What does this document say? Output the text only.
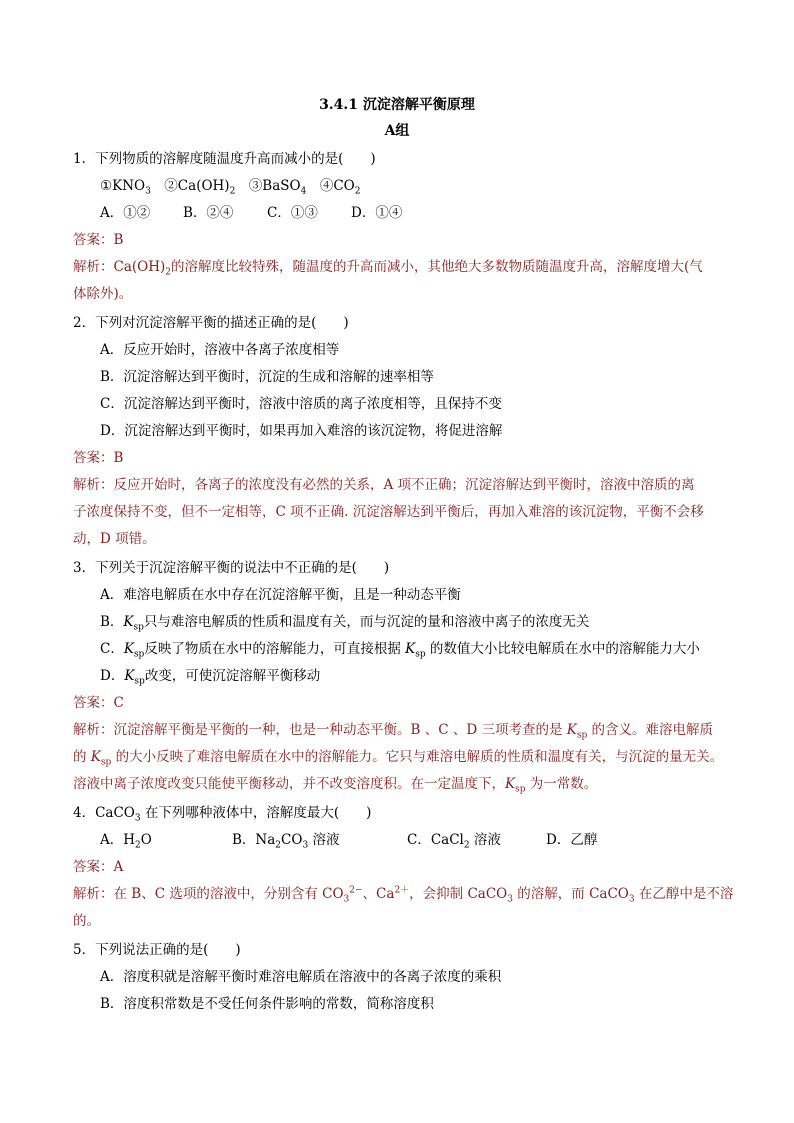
3.4.1 沉淀溶解平衡原理
A组
1．下列物质的溶解度随温度升高而减小的是(　　)
$①KNO_3$　$②Ca(OH)_2$　③BaSO$_4$　$④CO_2$
A．①② B．②④ C．①③ D．①④
答案：B
解析：$Ca(OH)_2$的溶解度比较特殊，随温度的升高而减小，其他绝大多数物质随温度升高，溶解度增大(气
体除外)。
2．下列对沉淀溶解平衡的描述正确的是(　　)
A．反应开始时，溶液中各离子浓度相等
B．沉淀溶解达到平衡时，沉淀的生成和溶解的速率相等
C．沉淀溶解达到平衡时，溶液中溶质的离子浓度相等，且保持不变
D．沉淀溶解达到平衡时，如果再加入难溶的该沉淀物，将促进溶解
答案：B
解析：反应开始时，各离子的浓度没有必然的关系，A 项不正确；沉淀溶解达到平衡时，溶液中溶质的离
子浓度保持不变，但不一定相等，C 项不正确. 沉淀溶解达到平衡后，再加入难溶的该沉淀物，平衡不会移
动，D 项错。
3．下列关于沉淀溶解平衡的说法中不正确的是(　　)
A．难溶电解质在水中存在沉淀溶解平衡，且是一种动态平衡
B．$K_{sp}$只与难溶电解质的性质和温度有关，而与沉淀的量和溶液中离子的浓度无关
C．$K_{sp}$反映了物质在水中的溶解能力，可直接根据 $K_{sp}$ 的数值大小比较电解质在水中的溶解能力大小
D．$K_{sp}$改变，可使沉淀溶解平衡移动
答案：C
解析：沉淀溶解平衡是平衡的一种，也是一种动态平衡。B 、C 、D 三项考查的是 $K_{sp}$ 的含义。难溶电解质
的 $K_{sp}$ 的大小反映了难溶电解质在水中的溶解能力。它只与难溶电解质的性质和温度有关，与沉淀的量无关。
溶液中离子浓度改变只能使平衡移动，并不改变溶度积。在一定温度下，$K_{sp}$ 为一常数。
4．CaCO$_3$ 在下列哪种液体中，溶解度最大(　　)
A．$H_2O$	B．$Na_2CO_3$ 溶液	C．CaCl$_2$ 溶液	D．乙醇
答案：A
解析：在 B、C 选项的溶液中，分别含有 $CO_3^{2-}$、$Ca^{2+}$，会抑制 CaCO$_3$ 的溶解，而 CaCO$_3$ 在乙醇中是不溶
的。
5．下列说法正确的是(　　)
A．溶度积就是溶解平衡时难溶电解质在溶液中的各离子浓度的乘积
B．溶度积常数是不受任何条件影响的常数，简称溶度积
